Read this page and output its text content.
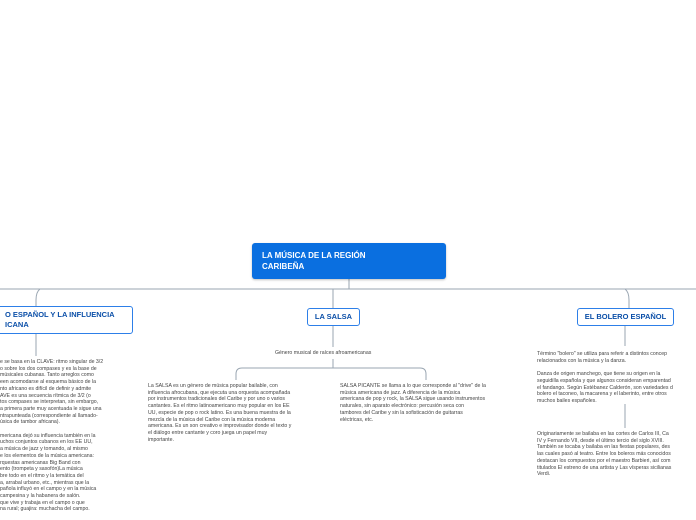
LA MÚSICA DE LA REGIÓN
CARIBEÑA
O ESPAÑOL Y LA INFLUENCIA
ICANA
LA SALSA	EL BOLERO ESPAÑOL
e se basa en la CLAVE: ritmo singular de 3/2
o sobre los dos compases y es la base de
músicales cubanas. Tanto arreglos como
een acomodarse al esquema básico de la
nto africano es difícil de definir y admite
AVE es una secuencia rítmica de 3/2 (o
tos compases se interpretan, sin embargo,
a primera parte muy acentuada le sigue una
ntrapunteada (correspondiente al llamado-
úsica de tambor africana).
mericana dejó su influencia también en la
uchos conjuntos cubanos en los EE UU,
a música de jazz y tomando, al mismo
e los elementos de la música americana:
rquestas americanas Big Band con
ento (trompeta y saxofón)La música
bre todo en el ritmo y la temática del
a, arrabal urbano, etc., mientras que la
pañola influyó en el campo y en la música
campesina y la habanera de salón.
que vive y trabaja en el campo o que
na rural; guajira: muchacha del campo.
Género musical de raíces afroamericanas
La SALSA es un género de música popular bailable, con
influencia afrocubana, que ejecuta una orquesta acompañada
por instrumentos tradicionales del Caribe y por uno o varios
cantantes. Es el ritmo latinoamericano muy popular en los EE
UU, especie de pop o rock latino. Es una buena muestra de la
mezcla de la música del Caribe con la música moderna
americana. Es un son creativo e improvisador donde el texto y
el diálogo entre cantante y coro juega un papel muy
importante.
SALSA PICANTE se llama a lo que corresponde al "drive" de la
música americana de jazz. A diferencia de la música
americana de pop y rock, la SALSA sigue usando instrumentos
naturales, sin aparato electrónico: percusión seca con
tambores del Caribe y sin la sofisticación de guitarras
eléctricas, etc.
Término "bolero" se utiliza para referir a distintos concep
relacionados con la música y la danza.
Danza de origen manchego, que tiene su origen en la
seguidilla española y que algunos consideran emparentad
el fandango. Según Estébanez Calderón, son variedades d
bolero el taconeo, la macarena y el laberinto, entre otros
muchos bailes españoles.
Originariamente se bailaba en las cortes de Carlos III, Ca
IV y Fernando VII, desde el último tercio del siglo XVIII.
También se tocaba y bailaba en las fiestas populares, des
las cuales pasó al teatro. Entre los boleros más conocidos
destacan los compuestos por el maestro Barbieri, así com
titulados El estreno de una artista y Las vísperas sicilianas
Verdi.
